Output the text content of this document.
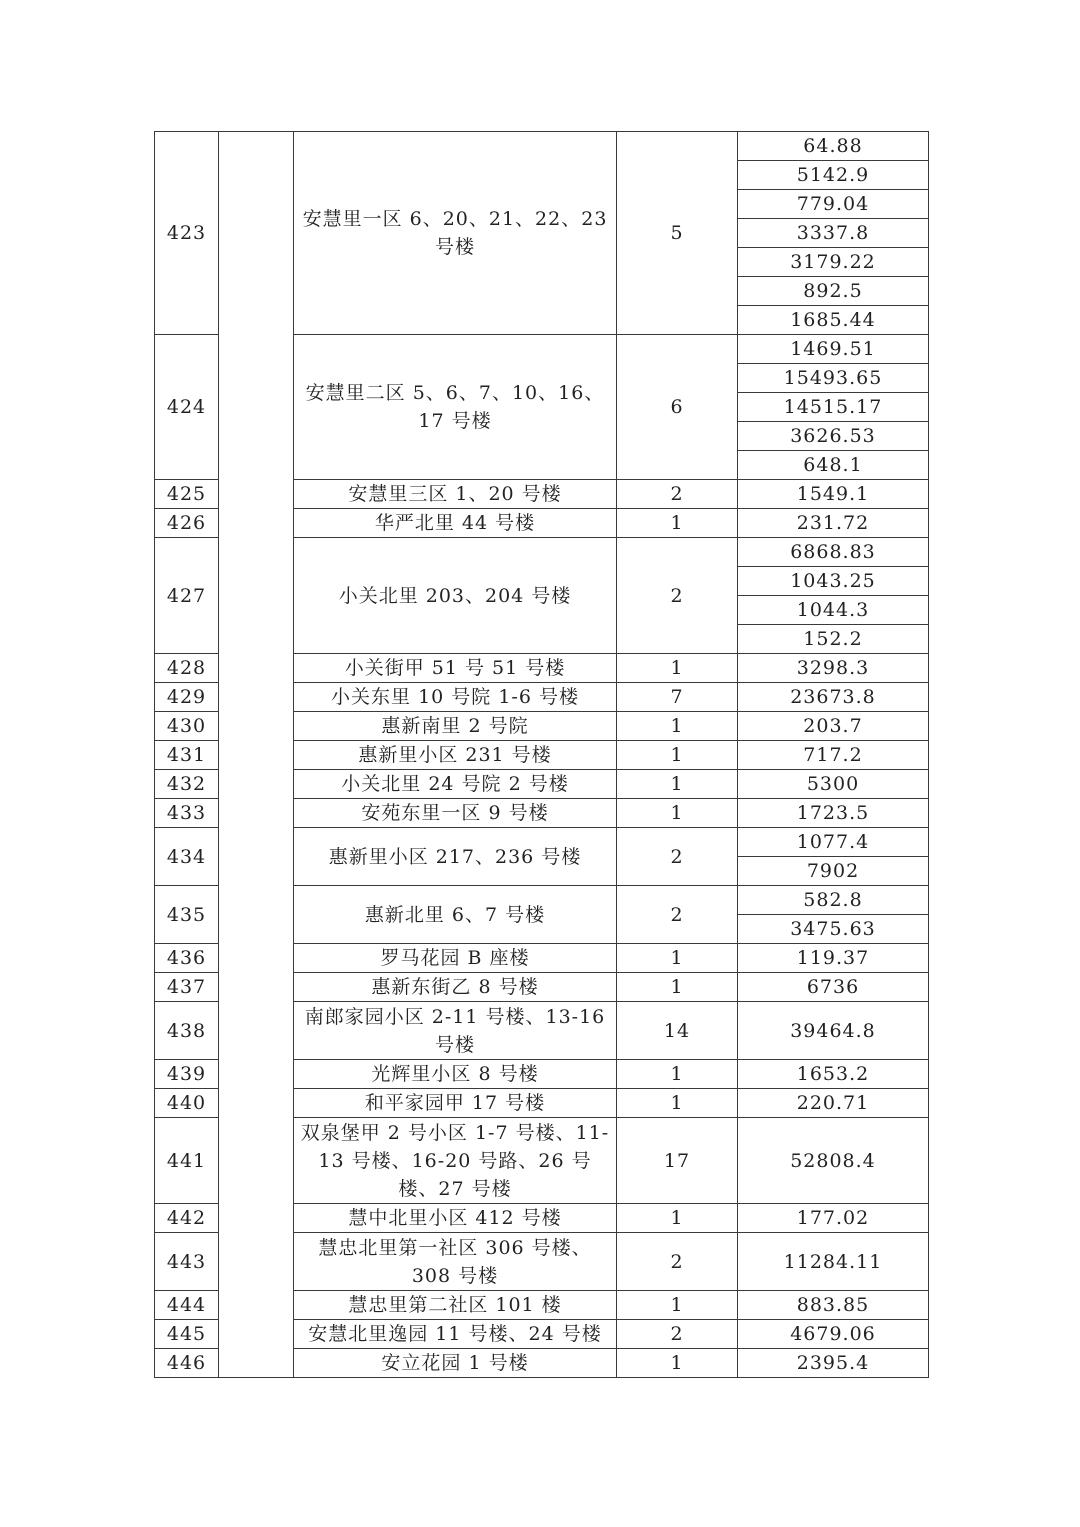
423		安慧里一区 6、20、21、22、23 号楼	5	64.88
				5142.9
				779.04
				3337.8
				3179.22
				892.5
				1685.44
424		安慧里二区 5、6、7、10、16、17 号楼	6	1469.51
				15493.65
				14515.17
				3626.53
				648.1
425		安慧里三区 1、20 号楼	2	1549.1
426		华严北里 44 号楼	1	231.72
427		小关北里 203、204 号楼	2	6868.83
				1043.25
				1044.3
				152.2
428		小关街甲 51 号 51 号楼	1	3298.3
429		小关东里 10 号院 1-6 号楼	7	23673.8
430		惠新南里 2 号院	1	203.7
431		惠新里小区 231 号楼	1	717.2
432		小关北里 24 号院 2 号楼	1	5300
433		安苑东里一区 9 号楼	1	1723.5
434		惠新里小区 217、236 号楼	2	1077.4
				7902
435		惠新北里 6、7 号楼	2	582.8
				3475.63
436		罗马花园 B 座楼	1	119.37
437		惠新东街乙 8 号楼	1	6736
438		南郎家园小区 2-11 号楼、13-16 号楼	14	39464.8
439		光辉里小区 8 号楼	1	1653.2
440		和平家园甲 17 号楼	1	220.71
441		双泉堡甲 2 号小区 1-7 号楼、11-13 号楼、16-20 号路、26 号楼、27 号楼	17	52808.4
442		慧中北里小区 412 号楼	1	177.02
443		慧忠北里第一社区 306 号楼、308 号楼	2	11284.11
444		慧忠里第二社区 101 楼	1	883.85
445		安慧北里逸园 11 号楼、24 号楼	2	4679.06
446		安立花园 1 号楼	1	2395.4
